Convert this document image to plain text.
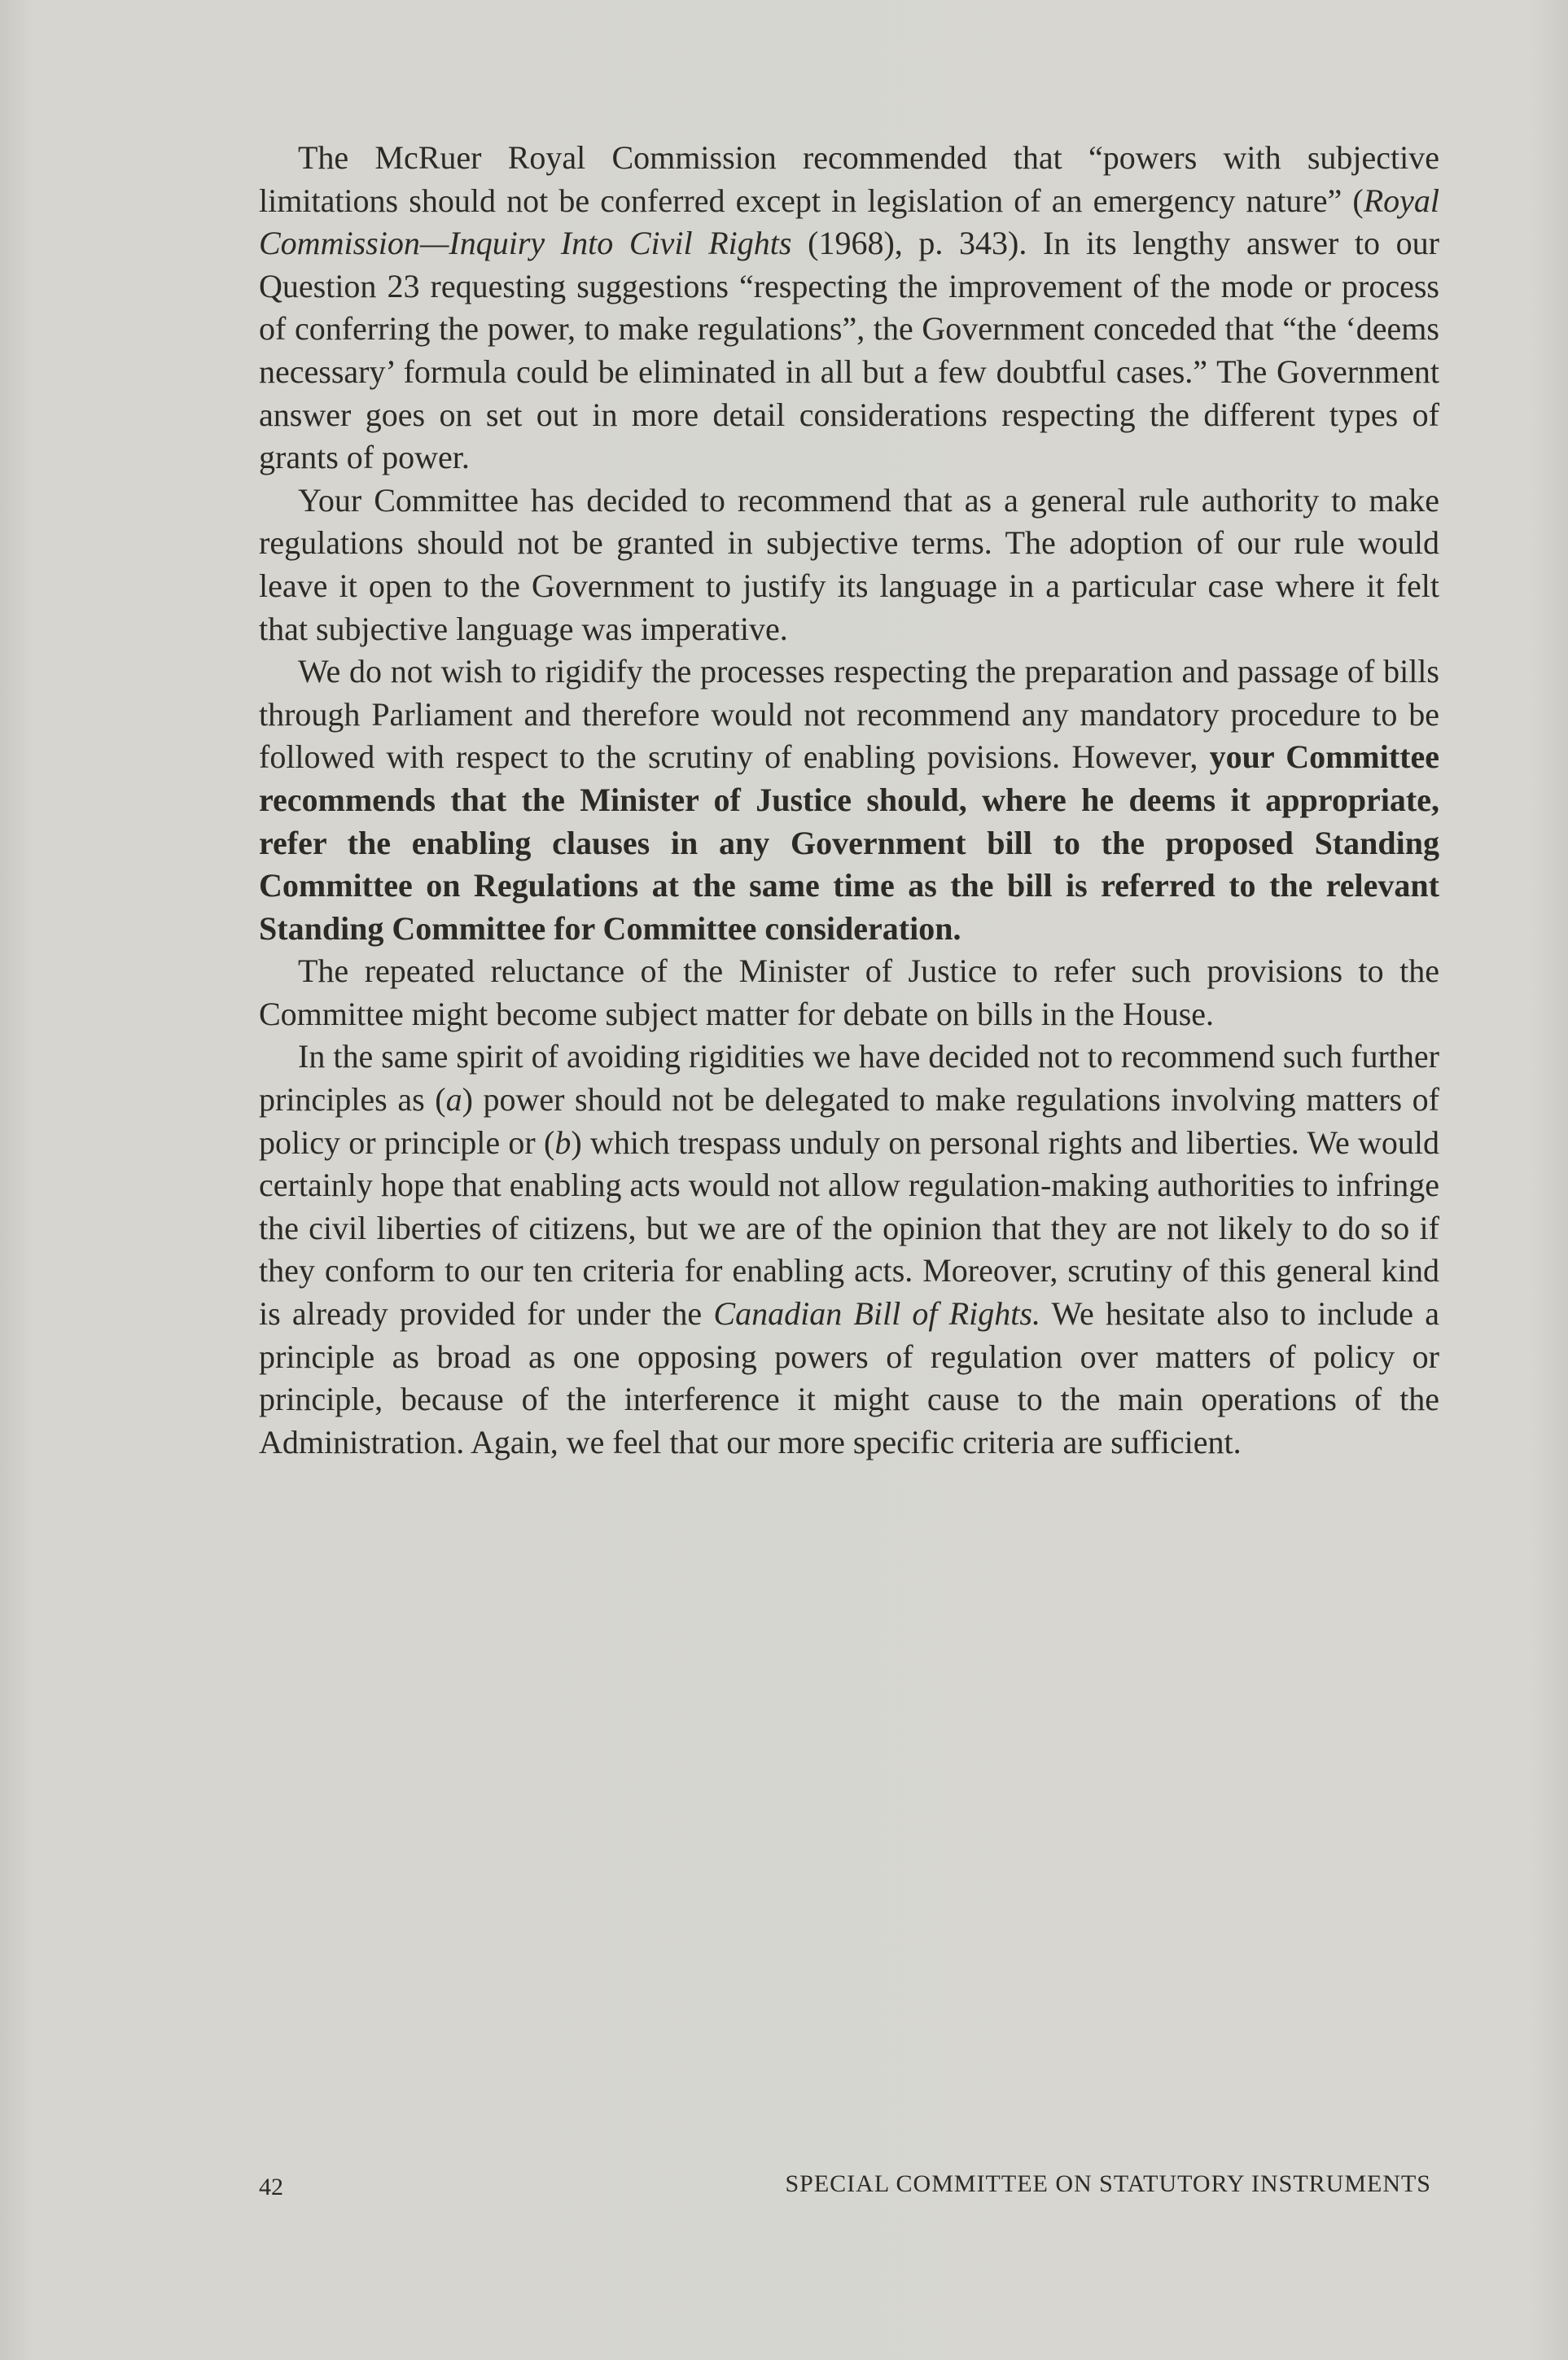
The McRuer Royal Commission recommended that “powers with subjective limitations should not be conferred except in legislation of an emergency nature” (Royal Commission—Inquiry Into Civil Rights (1968), p. 343). In its lengthy answer to our Question 23 requesting suggestions “respecting the improvement of the mode or process of conferring the power, to make regulations”, the Government conceded that “the ‘deems necessary’ formula could be eliminated in all but a few doubtful cases.” The Government answer goes on set out in more detail considerations respecting the different types of grants of power.

Your Committee has decided to recommend that as a general rule authority to make regulations should not be granted in subjective terms. The adoption of our rule would leave it open to the Government to justify its language in a particular case where it felt that subjective language was imperative.

We do not wish to rigidify the processes respecting the preparation and passage of bills through Parliament and therefore would not recommend any mandatory procedure to be followed with respect to the scrutiny of enabling povisions. However, your Committee recommends that the Minister of Justice should, where he deems it appropriate, refer the enabling clauses in any Government bill to the proposed Standing Committee on Regulations at the same time as the bill is referred to the relevant Standing Committee for Committee consideration.

The repeated reluctance of the Minister of Justice to refer such provisions to the Committee might become subject matter for debate on bills in the House.

In the same spirit of avoiding rigidities we have decided not to recommend such further principles as (a) power should not be delegated to make regulations involving matters of policy or principle or (b) which trespass unduly on personal rights and liberties. We would certainly hope that enabling acts would not allow regulation-making authorities to infringe the civil liberties of citizens, but we are of the opinion that they are not likely to do so if they conform to our ten criteria for enabling acts. Moreover, scrutiny of this general kind is already provided for under the Canadian Bill of Rights. We hesitate also to include a principle as broad as one opposing powers of regulation over matters of policy or principle, because of the interference it might cause to the main operations of the Administration. Again, we feel that our more specific criteria are sufficient.

42	SPECIAL COMMITTEE ON STATUTORY INSTRUMENTS
